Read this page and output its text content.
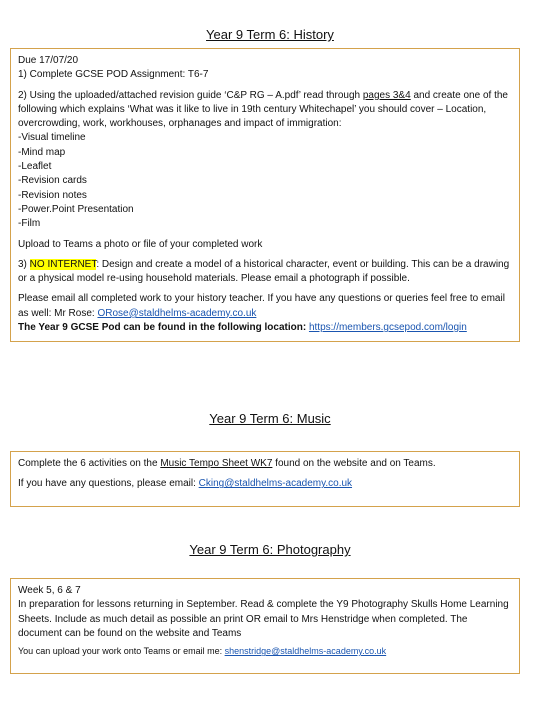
Year 9 Term 6: History

Due 17/07/20

1) Complete GCSE POD Assignment: T6-7

2) Using the uploaded/attached revision guide ‘C&P RG – A.pdf’ read through pages 3&4 and create one of the following which explains ‘What was it like to live in 19th century Whitechapel’ you should cover – Location, overcrowding, work, workhouses, orphanages and impact of immigration:

-Visual timeline

-Mind map

-Leaflet

-Revision cards

-Revision notes

-Power.Point Presentation

-Film

Upload to Teams a photo or file of your completed work

3) NO INTERNET: Design and create a model of a historical character, event or building. This can be a drawing or a physical model re-using household materials. Please email a photograph if possible.

Please email all completed work to your history teacher. If you have any questions or queries feel free to email as well: Mr Rose: ORose@staldhelms-academy.co.uk

The Year 9 GCSE Pod can be found in the following location: https://members.gcsepod.com/login

Year 9 Term 6: Music

Complete the 6 activities on the Music Tempo Sheet WK7 found on the website and on Teams.

If you have any questions, please email: Cking@staldhelms-academy.co.uk

Year 9 Term 6: Photography

Week 5, 6 & 7

In preparation for lessons returning in September. Read & complete the Y9 Photography Skulls Home Learning Sheets. Include as much detail as possible an print OR email to Mrs Henstridge when completed. The document can be found on the website and Teams

You can upload your work onto Teams or email me: shenstridge@staldhelms-academy.co.uk
